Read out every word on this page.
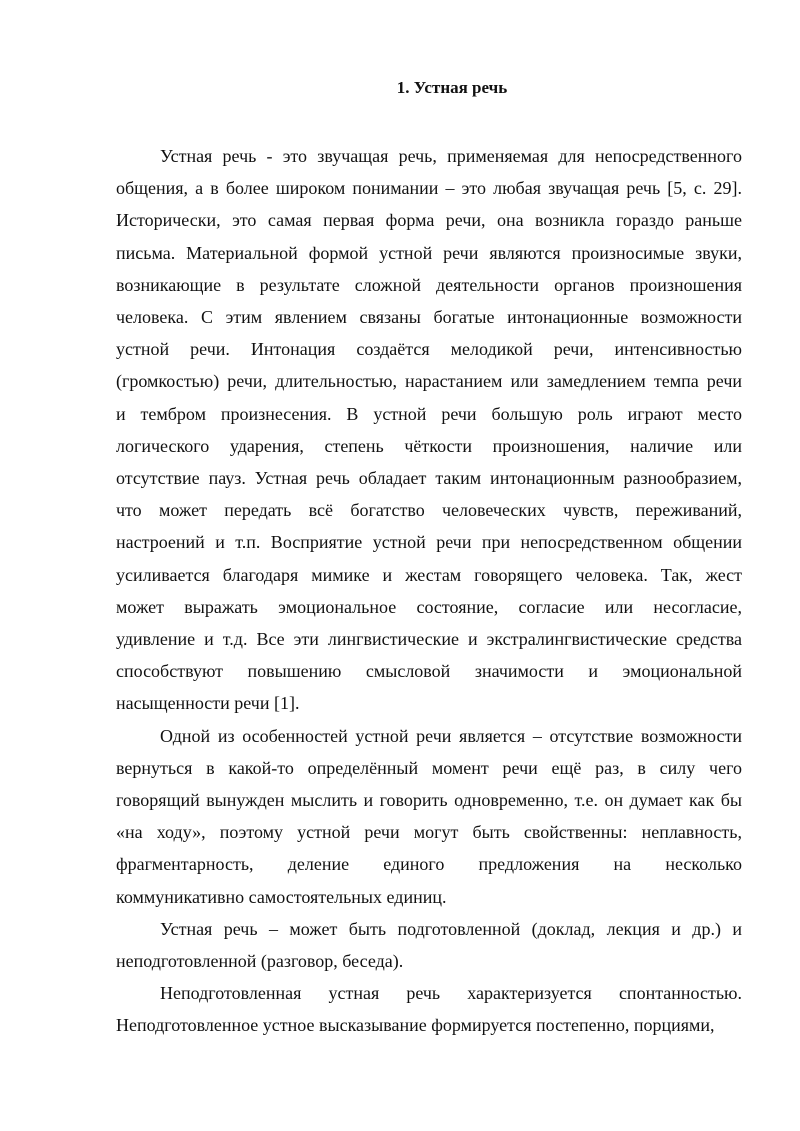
1. Устная речь
Устная речь - это звучащая речь, применяемая для непосредственного
общения, а в более широком понимании – это любая звучащая речь [5, с. 29].
Исторически, это самая первая форма речи, она возникла гораздо раньше
письма. Материальной формой устной речи являются произносимые звуки,
возникающие в результате сложной деятельности органов произношения
человека. С этим явлением связаны богатые интонационные возможности
устной речи. Интонация создаётся мелодикой речи, интенсивностью
(громкостью) речи, длительностью, нарастанием или замедлением темпа речи
и тембром произнесения. В устной речи большую роль играют место
логического ударения, степень чёткости произношения, наличие или
отсутствие пауз. Устная речь обладает таким интонационным разнообразием,
что может передать всё богатство человеческих чувств, переживаний,
настроений и т.п. Восприятие устной речи при непосредственном общении
усиливается благодаря мимике и жестам говорящего человека. Так, жест
может выражать эмоциональное состояние, согласие или несогласие,
удивление и т.д. Все эти лингвистические и экстралингвистические средства
способствуют повышению смысловой значимости и эмоциональной
насыщенности речи [1].
Одной из особенностей устной речи является – отсутствие возможности
вернуться в какой-то определённый момент речи ещё раз, в силу чего
говорящий вынужден мыслить и говорить одновременно, т.е. он думает как бы
«на ходу», поэтому устной речи могут быть свойственны: неплавность,
фрагментарность, деление единого предложения на несколько
коммуникативно самостоятельных единиц.
Устная речь – может быть подготовленной (доклад, лекция и др.) и
неподготовленной (разговор, беседа).
Неподготовленная устная речь характеризуется спонтанностью.
Неподготовленное устное высказывание формируется постепенно, порциями,
